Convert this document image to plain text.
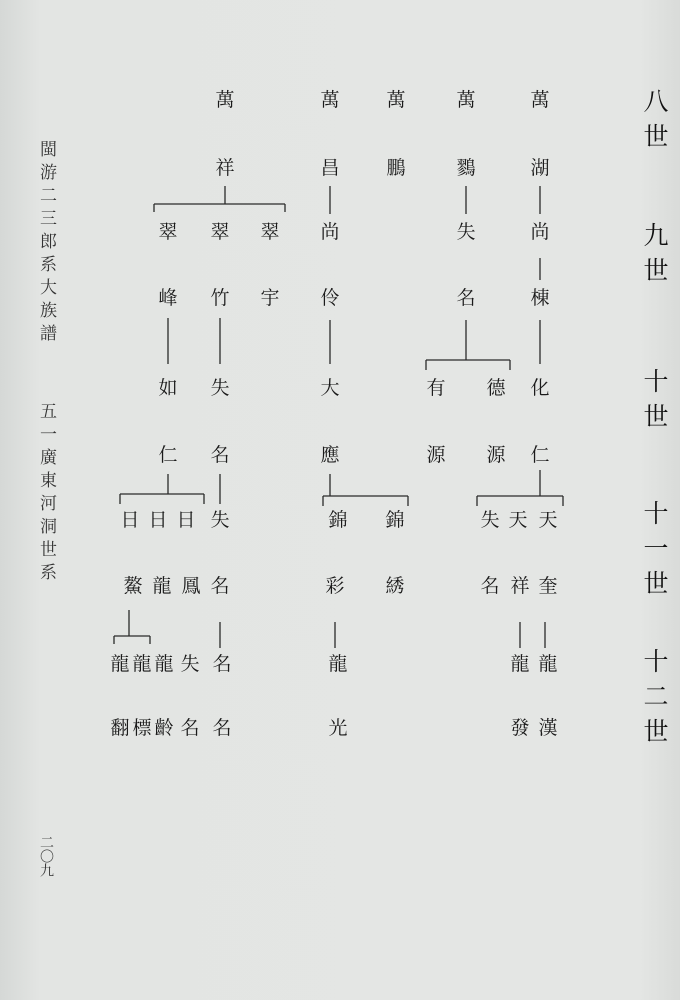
閩游二三郎系大族譜
五一廣東河洞世系
二〇九
八世
九世
十世
十一世
十二世
萬	萬 萬	萬	萬
祥	昌 鵬	鷚	湖
翠 翠 翠 尚	失	尚
峰 竹 宇 伶	名	棟
如 失	大	有 德 化
仁 名	應	源 源 仁
日 日 日 失	錦 錦	失 天 天
鰲 龍 鳳 名	彩 綉	名 祥 奎
龍 龍 龍 失 名	龍	龍 龍
翻 標 齡 名 名	光	發 漢
